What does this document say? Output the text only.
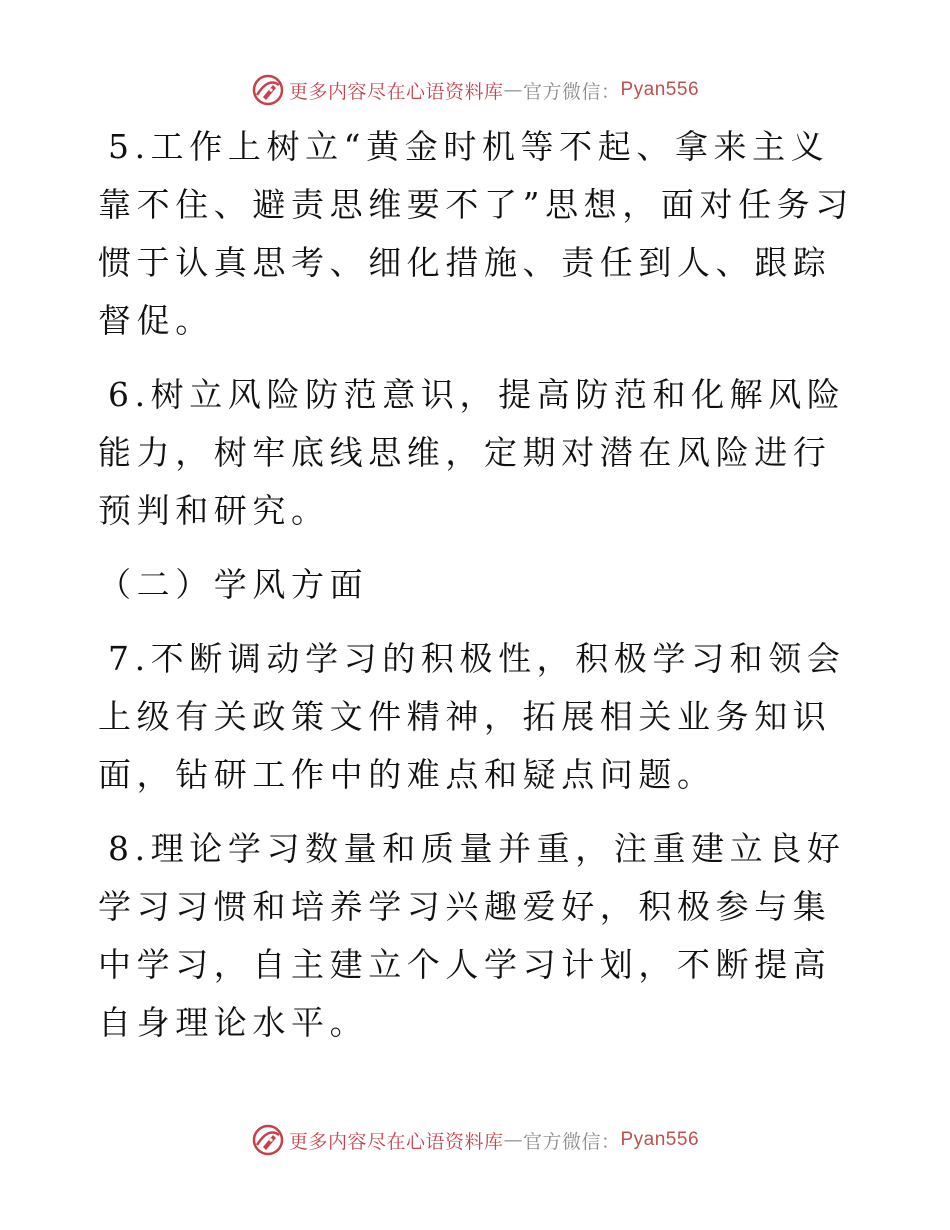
更多内容尽在心语资料库 — 官方微信： Pyan556

5.工作上树立“黄金时机等不起、拿来主义靠不住、避责思维要不了”思想，面对任务习惯于认真思考、细化措施、责任到人、跟踪督促。

6.树立风险防范意识，提高防范和化解风险能力，树牢底线思维，定期对潜在风险进行预判和研究。

（二）学风方面

7.不断调动学习的积极性，积极学习和领会上级有关政策文件精神，拓展相关业务知识面，钻研工作中的难点和疑点问题。

8.理论学习数量和质量并重，注重建立良好学习习惯和培养学习兴趣爱好，积极参与集中学习，自主建立个人学习计划，不断提高自身理论水平。

更多内容尽在心语资料库 — 官方微信： Pyan556
